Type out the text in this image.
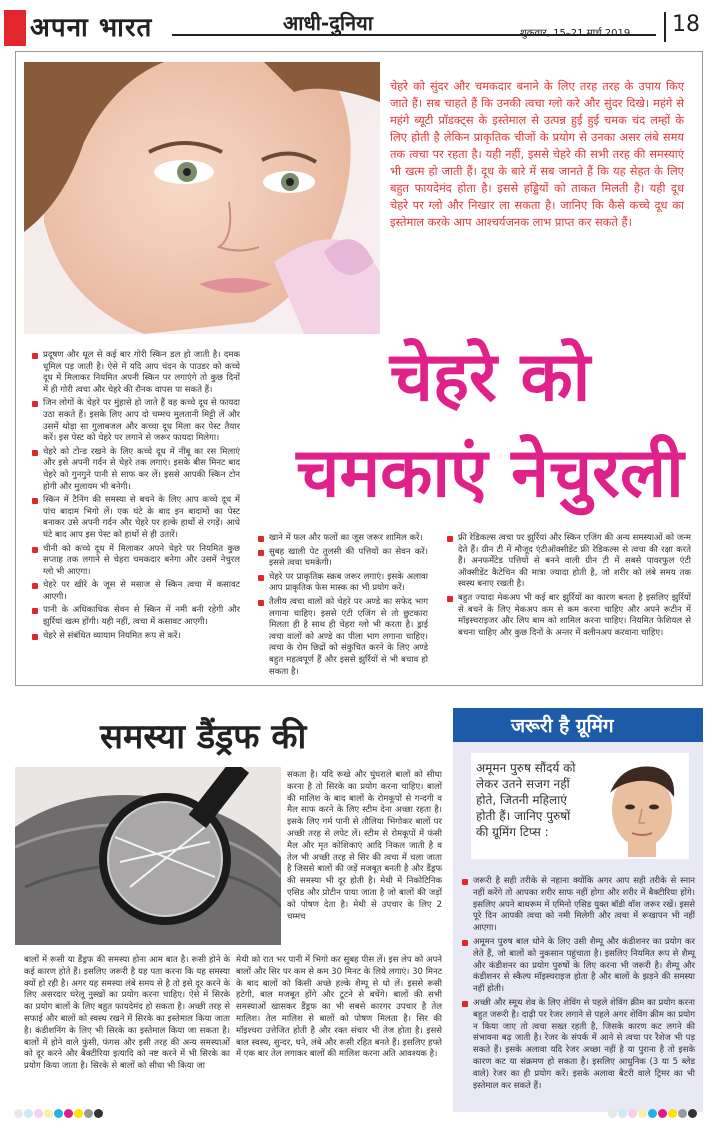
अपना भारत	आधी-दुनिया	शुक्रवार, 15–21 मार्च 2019 18
चेहरे को सुंदर और चमकदार बनाने के लिए तरह तरह के उपाय किए जाते हैं। सब चाहते हैं कि उनकी त्वचा ग्लो करे और सुंदर दिखे। महंगे से महंगे ब्यूटी प्रॉडक्ट्स के इस्तेमाल से उत्पन्न हुई हुई चमक चंद लम्हों के लिए होती है लेकिन प्राकृतिक चीजों के प्रयोग से उनका असर लंबे समय तक त्वचा पर रहता है। यही नहीं, इससे चेहरे की सभी तरह की समस्याएं भी खत्म हो जाती हैं। दूध के बारे में सब जानते हैं कि यह सेहत के लिए बहुत फायदेमंद होता है। इससे हड्डियों को ताकत मिलती है। यही दूध चेहरे पर ग्लो और निखार ला सकता है। जानिए कि कैसे कच्चे दूध का इस्तेमाल करके आप आश्चर्यजनक लाभ प्राप्त कर सकते हैं।
चेहरे को
चमकाएं नेचुरली
प्रदूषण और धूल से कई बार गोरी स्किन डल हो जाती है। दमक धूमिल पड़ जाती है। ऐसे में यदि आप चंदन के पाउडर को कच्चे दूध में मिलाकर नियमित अपनी स्किन पर लगाएंगे तो कुछ दिनों में ही गोरी त्वचा और चेहरे की रौनक वापस पा सकते हैं।
जिन लोगों के चेहरे पर मुंहासे हो जाते हैं वह कच्चे दूध से फायदा उठा सकते हैं। इसके लिए आप दो चम्मच मुलतानी मिट्टी लें और उसमें थोड़ा सा गुलाबजल और कच्चा दूध मिला कर पेस्ट तैयार करें। इस पेस्ट को चेहरे पर लगाने से जरूर फायदा मिलेगा।
चेहरे को टोन्ड रखने के लिए कच्चे दूध में नींबू का रस मिलाएं और इसे अपनी गर्दन से चेहरे तक लगाएं। इसके बीस मिनट बाद चेहरे को गुनगुने पानी से साफ कर लें। इससे आपकी स्किन टोन होगी और मुलायम भी बनेगी।
स्किन में टैनिंग की समस्या से बचने के लिए आप कच्चे दूध में पांच बादाम भिगो लें। एक घंटे के बाद इन बादामों का पेस्ट बनाकर उसे अपनी गर्दन और चेहरे पर हल्के हाथों से रगड़ें। आधे घंटे बाद आप इस पेस्ट को हाथों से ही उतारें।
चीनी को कच्चे दूध में मिलाकर अपने चेहरे पर नियमित कुछ सप्ताह तक लगाने से चेहरा चमकदार बनेगा और उसमें नेचुरल ग्लो भी आएगा।
चेहरे पर खीरे के जूस से मसाज से स्किन त्वचा में कसावट आएगी।
पानी के अधिकाधिक सेवन से स्किन में नमी बनी रहेगी और झुर्रियां खत्म होंगी। यही नहीं, त्वचा में कसावट आएगी।
चेहरे से संबंधित व्यायाम नियमित रूप से करें।
खाने में फल और फलों का जूस जरूर शामिल करें।
सुबह खाली पेट तुलसी की पत्तियों का सेवन करें। इससे त्वचा चमकेगी।
चेहरे पर प्राकृतिक स्क्रब जरूर लगाएं। इसके अलावा आप प्राकृतिक फेस मास्क का भी प्रयोग करें।
तैलीय त्वचा वालों को चेहरे पर अण्डे का सफेद भाग लगाना चाहिए। इससे एंटी एजिंग से तो छुटकारा मिलता ही है साथ ही चेहरा ग्लो भी करता है। ड्राई त्वचा वालों को अण्डे का पीला भाग लगाना चाहिए। त्वचा के रोम छिद्रों को संकुचित करने के लिए अण्डे बहुत महत्वपूर्ण हैं और इससे झुर्रियों से भी बचाव हो सकता है।
फ्री रेडिकल्स त्वचा पर झुर्रियां और स्किन एजिंग की अन्य समस्याओं को जन्म देते हैं। ग्रीन टी में मौजूद एंटीऑक्सीडेंट फ्री रेडिकल्स से त्वचा की रक्षा करते हैं। अनफर्मेंटेड पत्तियों से बनने वाली ग्रीन टी में सबसे पावरफुल एंटी ऑक्सीडेंट कैटेचिन की मात्रा ज्यादा होती है, जो शरीर को लंबे समय तक स्वस्थ बनाए रखती है।
बहुत ज्यादा मेकअप भी कई बार झुर्रियों का कारण बनता है इसलिए झुर्रियों से बचने के लिए मेकअप कम से कम करना चाहिए और अपने रूटीन में मॉइस्चराइजर और लिप बाम को शामिल करना चाहिए। नियमित फेशियल से बचना चाहिए और कुछ दिनों के अन्तर में क्लीनअप करवाना चाहिए।
समस्या डैंड्रफ की
सकता है। यदि रूखे और घुंघराले बालों को सीधा करना है तो सिरके का प्रयोग करना चाहिए। बालों की मालिश के बाद बालों के रोमकूपों से गन्दगी व मैल साफ करने के लिए स्टीम देना अच्छा रहता है। इसके लिए गर्म पानी से तौलिया भिगोकर बालों पर अच्छी तरह से लपेट लें। स्टीम से रोमकूपों में फंसी मैल और मृत कोशिकाएं आदि निकल जाती है व तेल भी अच्छी तरह से सिर की त्वचा में चला जाता है जिससे बालों की जड़ें मजबूत बनती है और डैंड्रफ की समस्या भी दूर होती है। मेथी में निकोटिनिक एसिड और प्रोटीन पाया जाता है जो बालों की जड़ों को पोषण देता है। मेथी से उपचार के लिए 2 चम्मच
बालों में रूसी या डैंड्रफ की समस्या होना आम बात है। रूसी होने के कई कारण होते हैं। इसलिए जरूरी है यह पता करना कि यह समस्या क्यों हो रही है। अगर यह समस्या लंबे समय से है तो इसे दूर करने के लिए असरदार घरेलू नुस्खों का प्रयोग करना चाहिए। ऐसे में सिरके का प्रयोग बालों के लिए बहुत फायदेमंद हो सकता है। अच्छी तरह से सफाई और बालों को स्वस्थ रखने में सिरके का इस्तेमाल किया जाता है। कंडीशनिंग के लिए भी सिरके का इस्तेमाल किया जा सकता है। बालों में होने वाले फुंसी, फंगस और इसी तरह की अन्य समस्याओं को दूर करने और बैक्टीरिया इत्यादि को नष्ट करने में भी सिरके का प्रयोग किया जाता है। सिरके से बालों को सीधा भी किया जा
मेथी को रात भर पानी में भिगो कर सुबह पीस लें। इस लेप को अपने बालों और सिर पर कम से कम 30 मिनट के लिये लगाएं। 30 मिनट के बाद बालों को किसी अच्छे हल्के शैम्पू से धो लें। इससे रूसी हटेगी, बाल मजबूत होंगे और टूटने से बचेंगे। बालों की सभी समस्याओं खासकर डैंड्रफ का भी सबसे कारगर उपचार है तेल मालिश। तेल मालिश से बालों को पोषण मिलता है। सिर की मॉइश्चरा उत्तेजित होती है और रक्त संचार भी तेज होता है। इससे बाल स्वस्थ, सुन्दर, घने, लंबे और रूसी रहित बनते हैं। इसलिए हफ्ते में एक बार तेल लगाकर बालों की मालिश करना अति आवश्यक है।
जरूरी है ग्रूमिंग
अमूमन पुरुष सौंदर्य को लेकर उतने सजग नहीं होते, जितनी महिलाएं होती हैं। जानिए पुरुषों की ग्रूमिंग टिप्स :
जरूरी है सही तरीके से नहाना क्योंकि अगर आप सही तरीके से स्नान नहीं करेंगे तो आपका शरीर साफ नहीं होगा और शरीर में बैक्टीरिया होंगे। इसलिए अपने बाथरूम में एमिनो एसिड युक्त बॉडी वॉश जरूर रखें। इससे पूरे दिन आपकी त्वचा को नमी मिलेगी और त्वचा में रूखापन भी नहीं आएगा।
अमूमन पुरुष बाल धोने के लिए उसी शैम्पू और कंडीशनर का प्रयोग कर लेते हैं, जो बालों को नुकसान पहुंचाता है। इसलिए नियमित रूप से शैम्पू और कंडीशनर का प्रयोग पुरुषों के लिए करना भी जरूरी है। शैम्पू और कंडीशनर से स्कैल्प मॉइस्चराइज होता है और बालों के झड़ने की समस्या नहीं होती।
अच्छी और स्मूथ शेव के लिए शेविंग से पहले शेविंग क्रीम का प्रयोग करना बहुत जरूरी है। दाढ़ी पर रेजर लगाने से पहले अगर शेविंग क्रीम का प्रयोग न किया जाए तो त्वचा सख्त रहती है, जिसके कारण कट लगने की संभावना बढ़ जाती है। रेजर के संपर्क में आने से त्वचा पर रैशेज भी पड़ सकते हैं। इसके अलावा यदि रेजर अच्छा नहीं है या पुराना है तो इसके कारण कट या संक्रमण हो सकता है। इसलिए आधुनिक (3 या 5 ब्लेड वाले) रेजर का ही प्रयोग करें। इसके अलावा बैटरी वाले ट्रिमर का भी इस्तेमाल कर सकते हैं।
